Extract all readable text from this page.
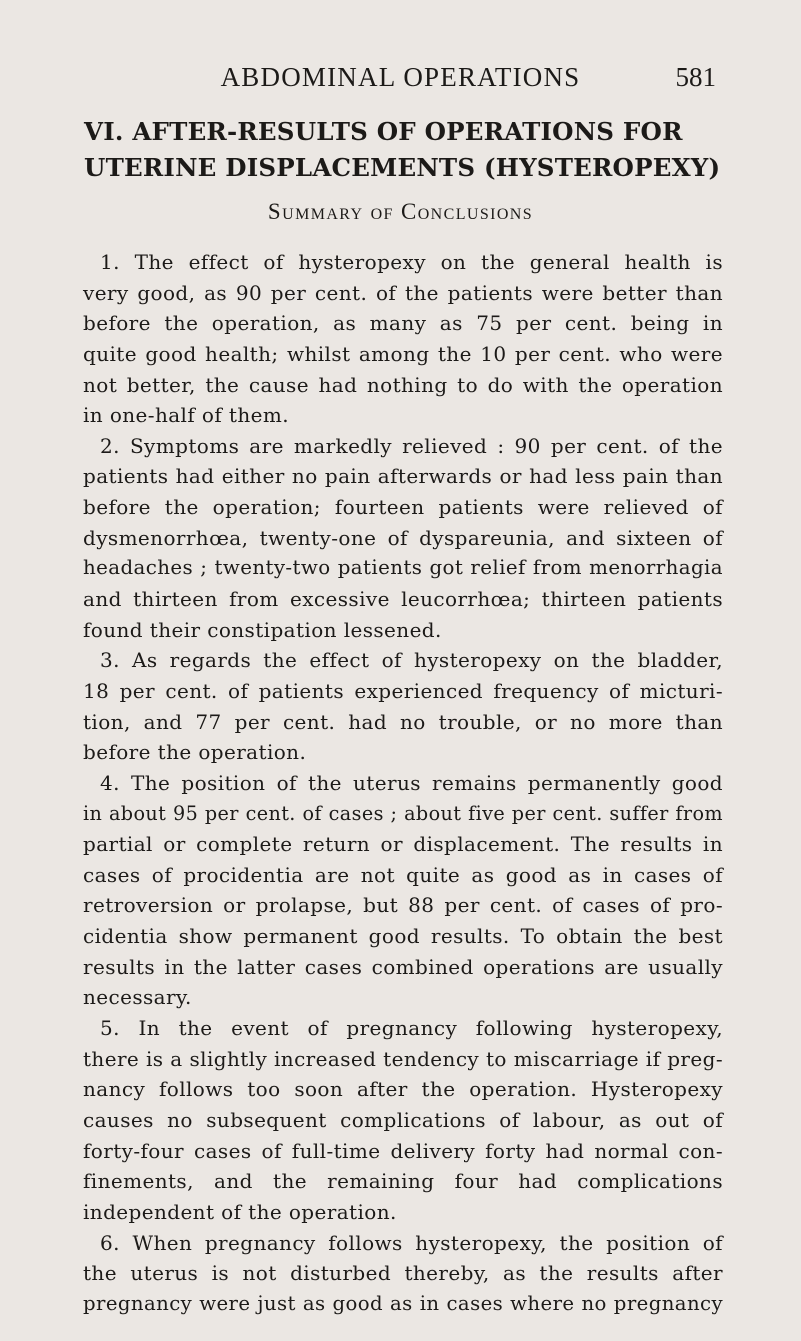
ABDOMINAL OPERATIONS	581
VI. AFTER-RESULTS OF OPERATIONS FOR
UTERINE DISPLACEMENTS (HYSTEROPEXY)
Summary of Conclusions
1. The effect of hysteropexy on the general health is
very good, as 90 per cent. of the patients were better than
before the operation, as many as 75 per cent. being in
quite good health; whilst among the 10 per cent. who were
not better, the cause had nothing to do with the operation
in one-half of them.
2. Symptoms are markedly relieved : 90 per cent. of the
patients had either no pain afterwards or had less pain than
before the operation; fourteen patients were relieved of
dysmenorrhœa, twenty-one of dyspareunia, and sixteen of
headaches ; twenty-two patients got relief from menorrhagia
and thirteen from excessive leucorrhœa; thirteen patients
found their constipation lessened.
3. As regards the effect of hysteropexy on the bladder,
18 per cent. of patients experienced frequency of micturi-
tion, and 77 per cent. had no trouble, or no more than
before the operation.
4. The position of the uterus remains permanently good
in about 95 per cent. of cases ; about five per cent. suffer from
partial or complete return or displacement. The results in
cases of procidentia are not quite as good as in cases of
retroversion or prolapse, but 88 per cent. of cases of pro-
cidentia show permanent good results. To obtain the best
results in the latter cases combined operations are usually
necessary.
5. In the event of pregnancy following hysteropexy,
there is a slightly increased tendency to miscarriage if preg-
nancy follows too soon after the operation. Hysteropexy
causes no subsequent complications of labour, as out of
forty-four cases of full-time delivery forty had normal con-
finements, and the remaining four had complications
independent of the operation.
6. When pregnancy follows hysteropexy, the position of
the uterus is not disturbed thereby, as the results after
pregnancy were just as good as in cases where no pregnancy
